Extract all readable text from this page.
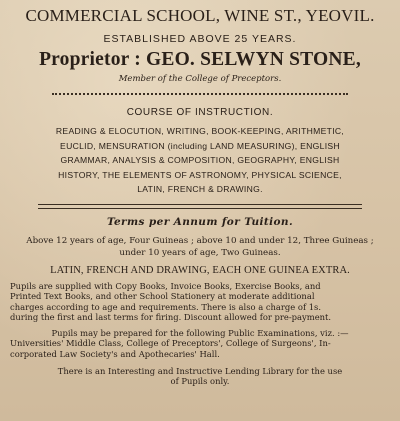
COMMERCIAL SCHOOL, WINE ST., YEOVIL.
ESTABLISHED ABOVE 25 YEARS.
Proprietor : GEO. SELWYN STONE,
Member of the College of Preceptors.
COURSE OF INSTRUCTION.
READING & ELOCUTION, WRITING, BOOK-KEEPING, ARITHMETIC,
EUCLID, MENSURATION (including LAND MEASURING), ENGLISH
GRAMMAR, ANALYSIS & COMPOSITION, GEOGRAPHY, ENGLISH
HISTORY, THE ELEMENTS OF ASTRONOMY, PHYSICAL SCIENCE,
LATIN, FRENCH & DRAWING.
Terms per Annum for Tuition.
Above 12 years of age, Four Guineas ; above 10 and under 12, Three Guineas ;
under 10 years of age, Two Guineas.
LATIN, FRENCH AND DRAWING, EACH ONE GUINEA EXTRA.
Pupils are supplied with Copy Books, Invoice Books, Exercise Books, and
Printed Text Books, and other School Stationery at moderate additional
charges according to age and requirements. There is also a charge of 1s.
during the first and last terms for firing. Discount allowed for pre-payment.
Pupils may be prepared for the following Public Examinations, viz. :—
Universities' Middle Class, College of Preceptors', College of Surgeons', In-
corporated Law Society's and Apothecaries' Hall.
There is an Interesting and Instructive Lending Library for the use
of Pupils only.
